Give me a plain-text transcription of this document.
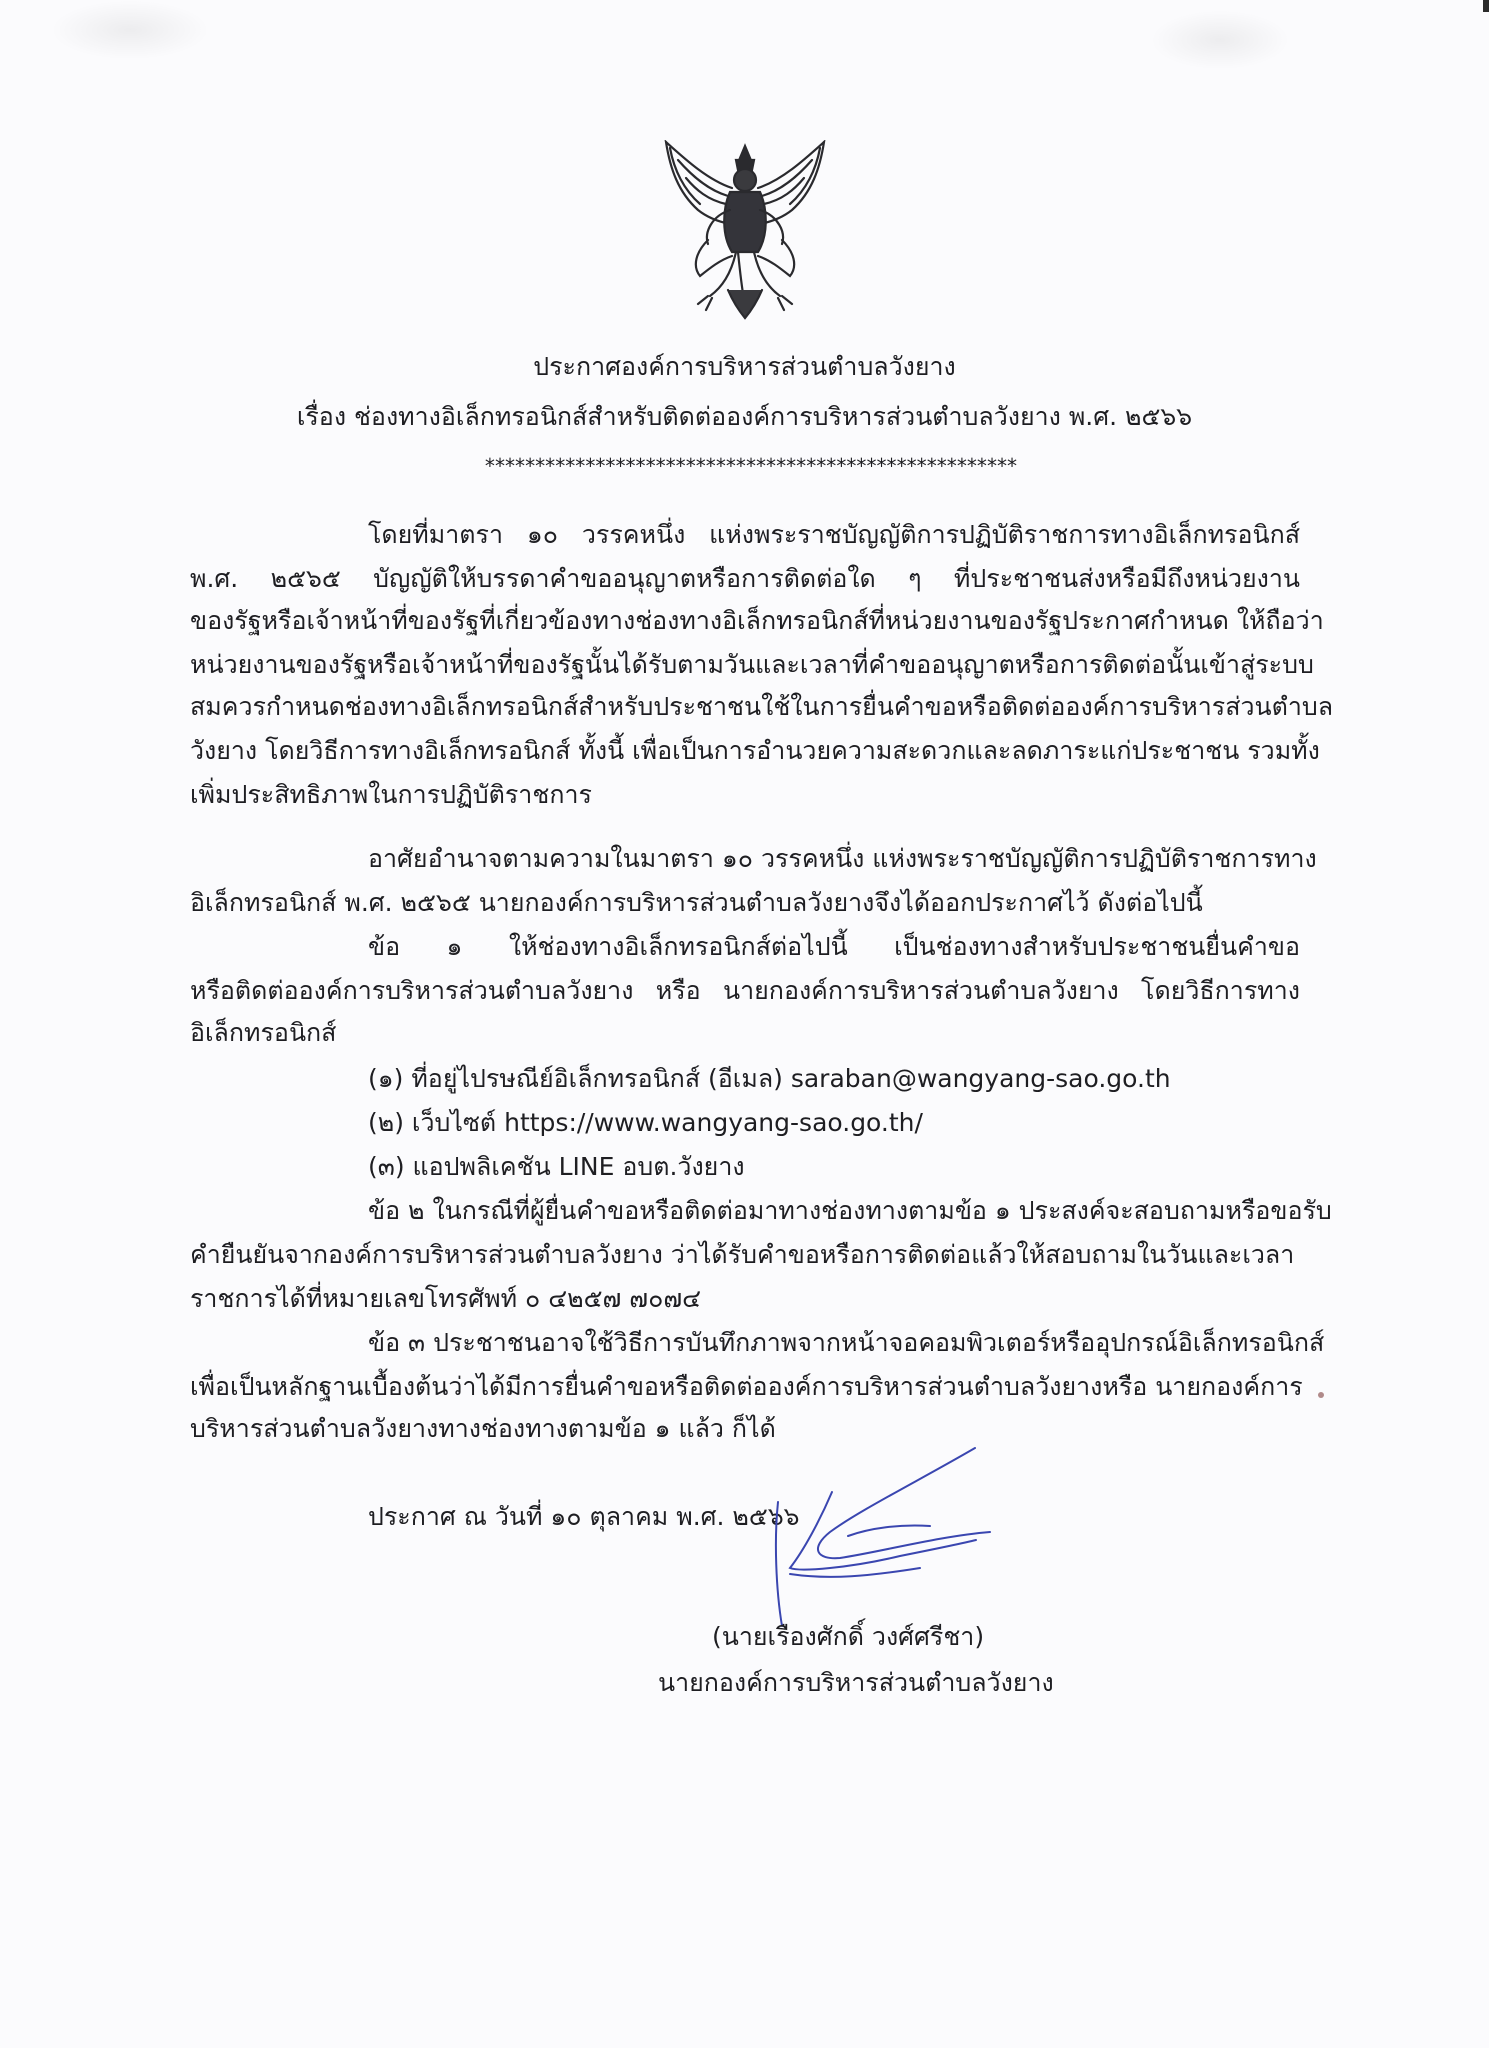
ประกาศองค์การบริหารส่วนตำบลวังยาง
เรื่อง ช่องทางอิเล็กทรอนิกส์สำหรับติดต่อองค์การบริหารส่วนตำบลวังยาง พ.ศ. ๒๕๖๖
*****************************************************
โดยที่มาตรา ๑๐ วรรคหนึ่ง แห่งพระราชบัญญัติการปฏิบัติราชการทางอิเล็กทรอนิกส์
พ.ศ. ๒๕๖๕ บัญญัติให้บรรดาคำขออนุญาตหรือการติดต่อใด ๆ ที่ประชาชนส่งหรือมีถึงหน่วยงาน
ของรัฐหรือเจ้าหน้าที่ของรัฐที่เกี่ยวข้องทางช่องทางอิเล็กทรอนิกส์ที่หน่วยงานของรัฐประกาศกำหนด ให้ถือว่า
หน่วยงานของรัฐหรือเจ้าหน้าที่ของรัฐนั้นได้รับตามวันและเวลาที่คำขออนุญาตหรือการติดต่อนั้นเข้าสู่ระบบ
สมควรกำหนดช่องทางอิเล็กทรอนิกส์สำหรับประชาชนใช้ในการยื่นคำขอหรือติดต่อองค์การบริหารส่วนตำบล
วังยาง โดยวิธีการทางอิเล็กทรอนิกส์ ทั้งนี้ เพื่อเป็นการอำนวยความสะดวกและลดภาระแก่ประชาชน รวมทั้ง
เพิ่มประสิทธิภาพในการปฏิบัติราชการ
อาศัยอำนาจตามความในมาตรา ๑๐ วรรคหนึ่ง แห่งพระราชบัญญัติการปฏิบัติราชการทาง
อิเล็กทรอนิกส์ พ.ศ. ๒๕๖๕ นายกองค์การบริหารส่วนตำบลวังยางจึงได้ออกประกาศไว้ ดังต่อไปนี้
ข้อ ๑ ให้ช่องทางอิเล็กทรอนิกส์ต่อไปนี้ เป็นช่องทางสำหรับประชาชนยื่นคำขอ
หรือติดต่อองค์การบริหารส่วนตำบลวังยาง หรือ นายกองค์การบริหารส่วนตำบลวังยาง โดยวิธีการทาง
อิเล็กทรอนิกส์
(๑) ที่อยู่ไปรษณีย์อิเล็กทรอนิกส์ (อีเมล) saraban@wangyang-sao.go.th
(๒) เว็บไซต์ https://www.wangyang-sao.go.th/
(๓) แอปพลิเคชัน LINE อบต.วังยาง
ข้อ ๒ ในกรณีที่ผู้ยื่นคำขอหรือติดต่อมาทางช่องทางตามข้อ ๑ ประสงค์จะสอบถามหรือขอรับ
คำยืนยันจากองค์การบริหารส่วนตำบลวังยาง ว่าได้รับคำขอหรือการติดต่อแล้วให้สอบถามในวันและเวลา
ราชการได้ที่หมายเลขโทรศัพท์ ๐ ๔๒๕๗ ๗๐๗๔
ข้อ ๓ ประชาชนอาจใช้วิธีการบันทึกภาพจากหน้าจอคอมพิวเตอร์หรืออุปกรณ์อิเล็กทรอนิกส์
เพื่อเป็นหลักฐานเบื้องต้นว่าได้มีการยื่นคำขอหรือติดต่อองค์การบริหารส่วนตำบลวังยางหรือ นายกองค์การ
บริหารส่วนตำบลวังยางทางช่องทางตามข้อ ๑ แล้ว ก็ได้
ประกาศ ณ วันที่ ๑๐ ตุลาคม พ.ศ. ๒๕๖๖
(นายเรืองศักดิ์ วงศ์ศรีชา)
นายกองค์การบริหารส่วนตำบลวังยาง
